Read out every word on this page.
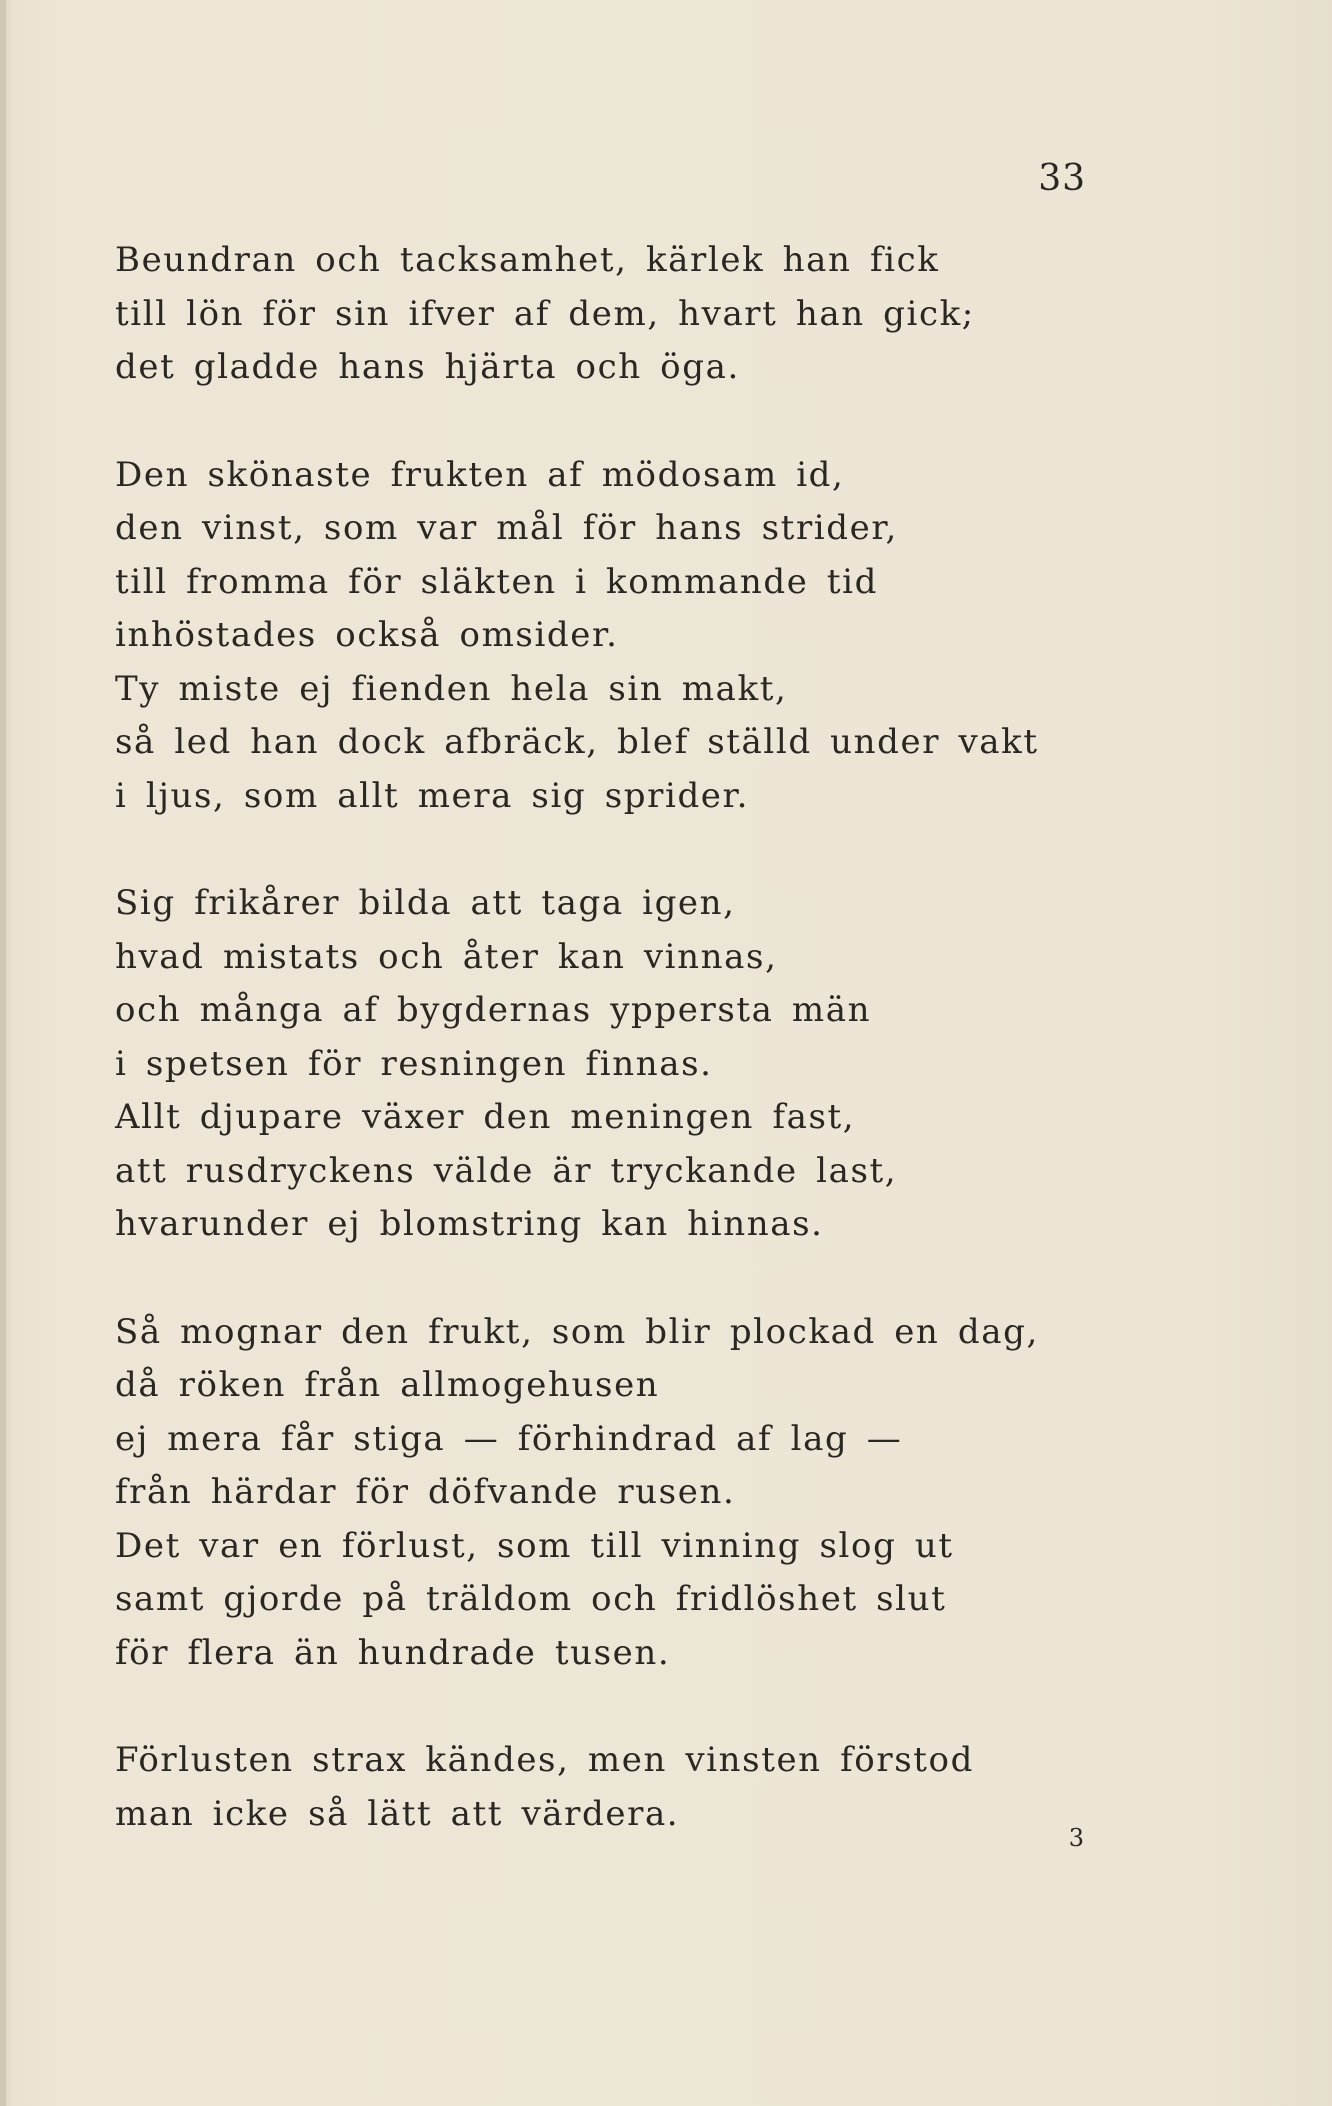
33
Beundran och tacksamhet, kärlek han fick
till lön för sin ifver af dem, hvart han gick;
det gladde hans hjärta och öga.
Den skönaste frukten af mödosam id,
den vinst, som var mål för hans strider,
till fromma för släkten i kommande tid
inhöstades också omsider.
Ty miste ej fienden hela sin makt,
så led han dock afbräck, blef ställd under vakt
i ljus, som allt mera sig sprider.
Sig frikårer bilda att taga igen,
hvad mistats och åter kan vinnas,
och många af bygdernas yppersta män
i spetsen för resningen finnas.
Allt djupare växer den meningen fast,
att rusdryckens välde är tryckande last,
hvarunder ej blomstring kan hinnas.
Så mognar den frukt, som blir plockad en dag,
då röken från allmogehusen
ej mera får stiga — förhindrad af lag —
från härdar för döfvande rusen.
Det var en förlust, som till vinning slog ut
samt gjorde på träldom och fridlöshet slut
för flera än hundrade tusen.
Förlusten strax kändes, men vinsten förstod
man icke så lätt att värdera.
3
